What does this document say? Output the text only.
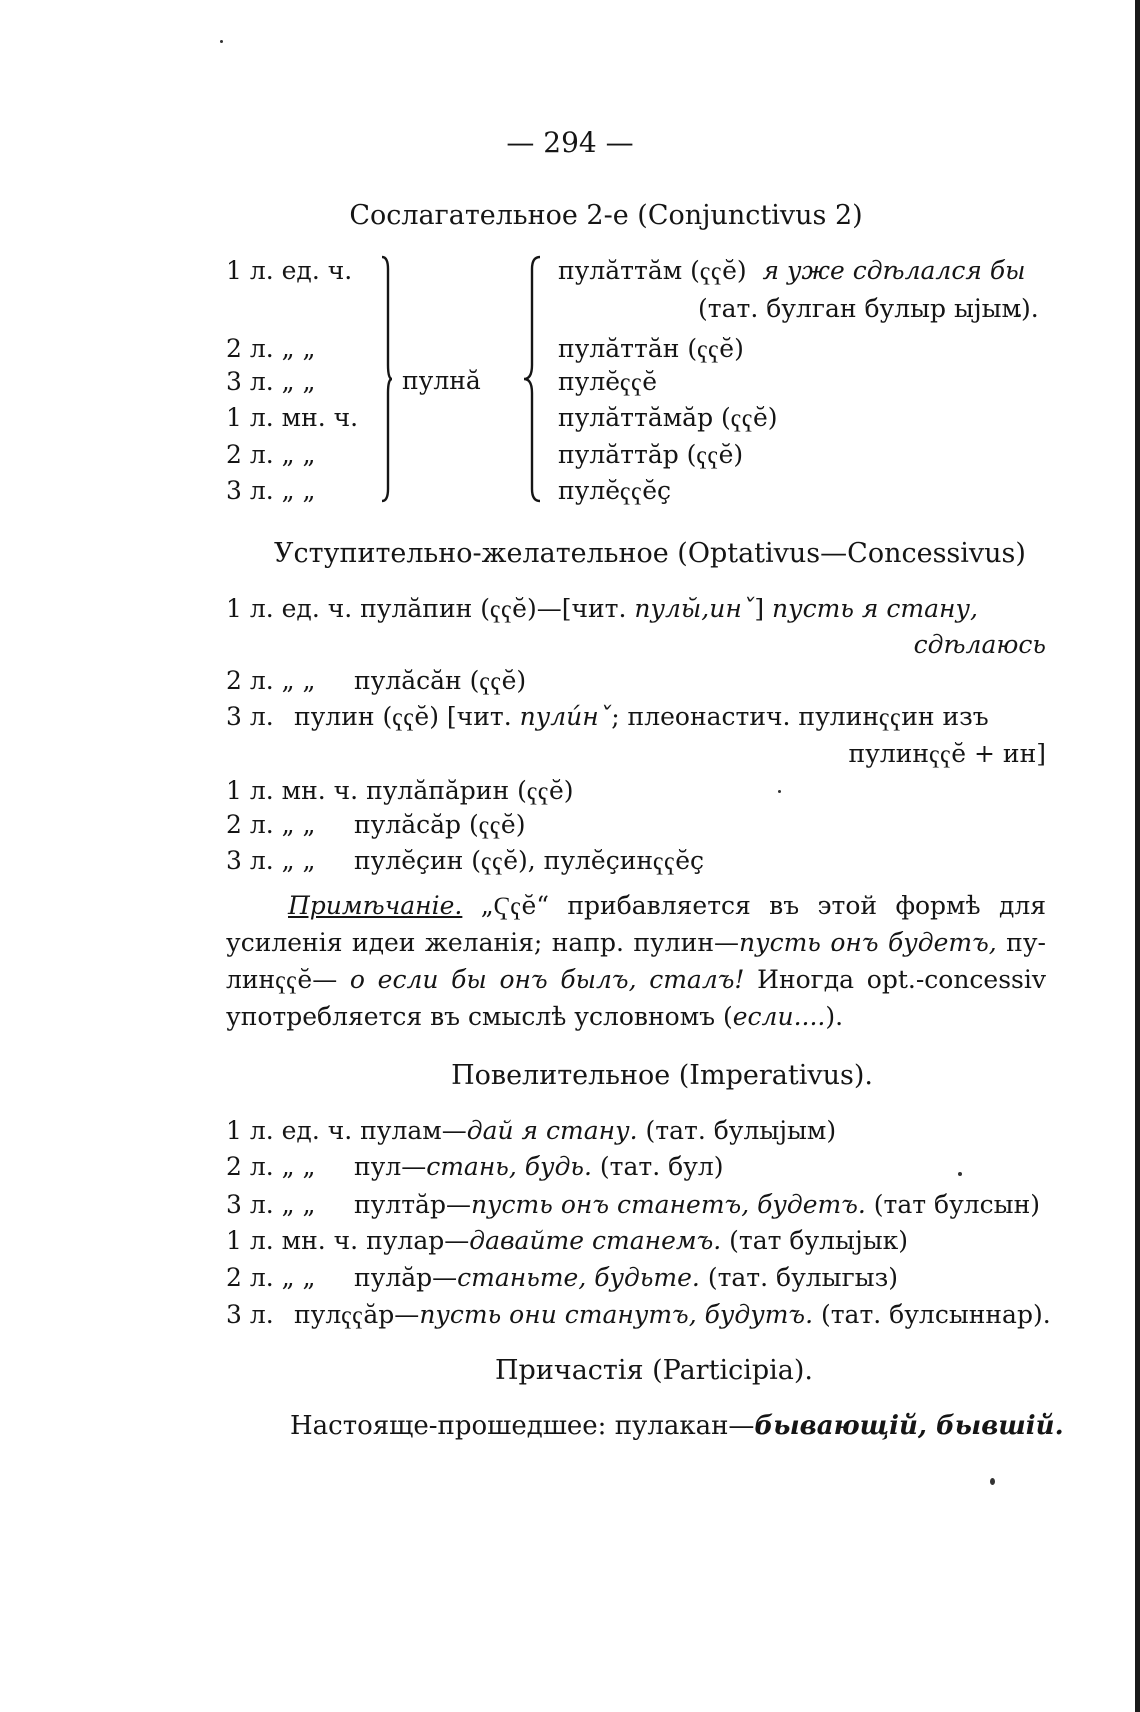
— 294 —
Сослагательное 2-е (Conjunctivus 2)
1 л. ед. ч.
2 л. „ „
3 л. „ „
1 л. мн. ч.
2 л. „ „
3 л. „ „
пулнă
пулăттăм (ҁҁĕ) я уже сдѣлался бы
(тат. булган булыр ыјым).
пулăттăн (ҁҁĕ)
пулĕҁҁĕ
пулăттăмăр (ҁҁĕ)
пулăттăр (ҁҁĕ)
пулĕҁҁĕҫ
Уступительно-желательное (Optativus—Concessivus)
1 л. ед. ч. пулăпин (ҁҁĕ)—[чит. пулы̆,инˇ] пусть я стану,
сдѣлаюсь
2 л. „ „ пулăсăн (ҁҁĕ)
3 л. пулин (ҁҁĕ) [чит. пули́нˇ; плеонастич. пулинҁҁин изъ
пулинҁҁĕ + ин]
1 л. мн. ч. пулăпăрин (ҁҁĕ)
2 л. „ „ пулăсăр (ҁҁĕ)
3 л. „ „ пулĕҫин (ҁҁĕ), пулĕҫинҁҁĕҫ
Примѣчаніе. „Ҁҁĕ“ прибавляется въ этой формѣ для усиленія идеи желанія; напр. пулин—пусть онъ будетъ, пу-линҁҁĕ— о если бы онъ былъ, сталъ! Иногда opt.-concessiv употребляется въ смыслѣ условномъ (если....).
Повелительное (Imperativus).
1 л. ед. ч. пулам—дай я стану. (тат. булыјым)
2 л. „ „ пул—стань, будь. (тат. бул)
3 л. „ „ пултăр—пусть онъ станетъ, будетъ. (тат булсын)
1 л. мн. ч. пулар—давайте станемъ. (тат булыјык)
2 л. „ „ пулăр—станьте, будьте. (тат. булыгыз)
3 л. пулҁҁăр—пусть они станутъ, будутъ. (тат. булсыннар).
Причастія (Participia).
Настояще-прошедшее: пулакан—бывающій, бывшій.
